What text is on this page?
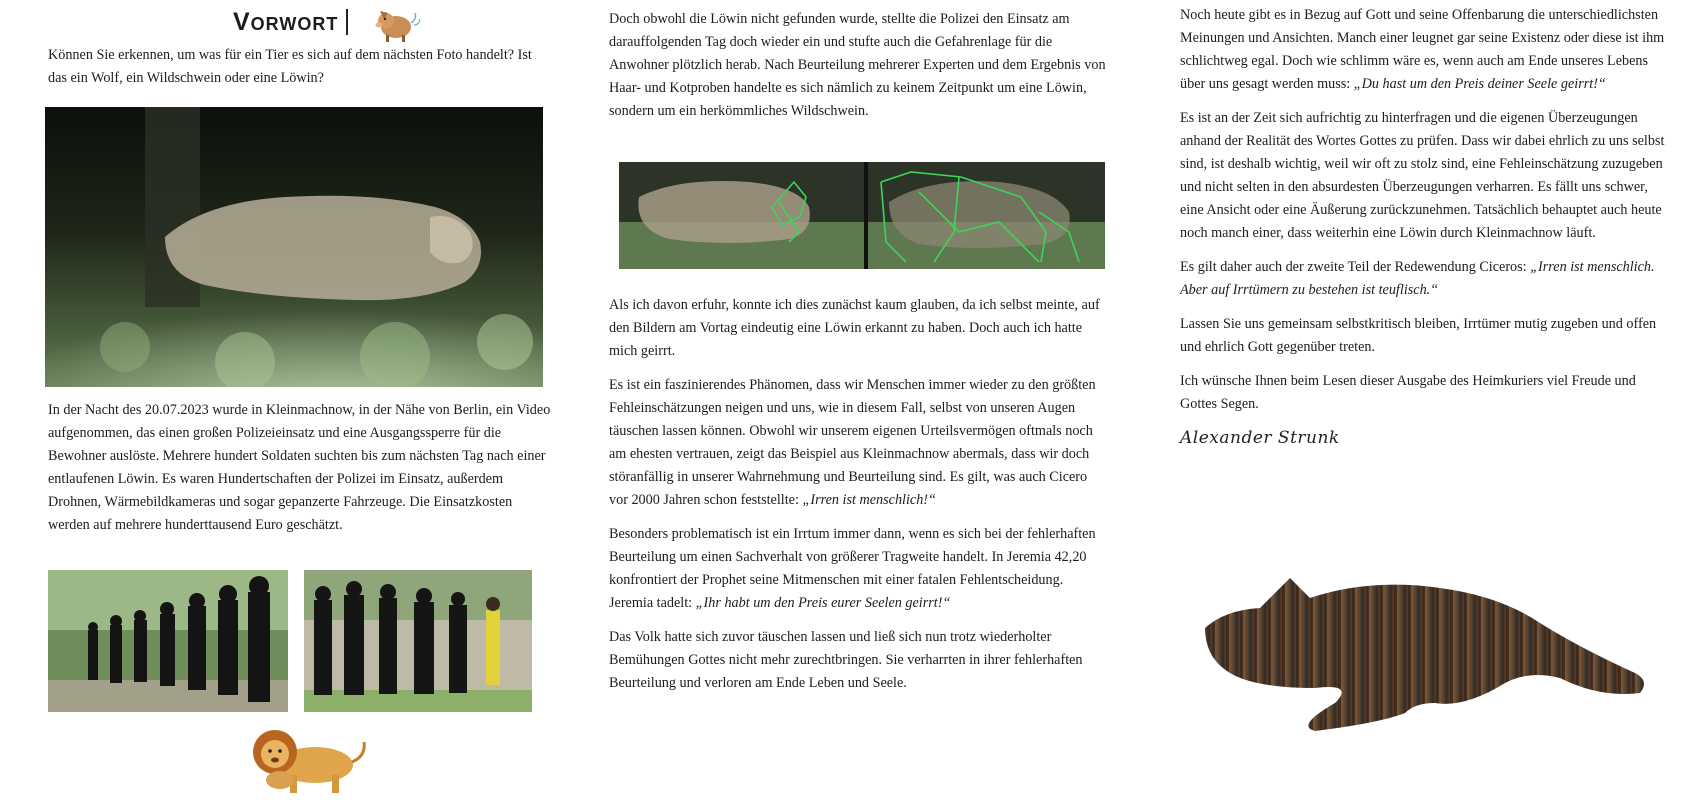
Vorwort

Können Sie erkennen, um was für ein Tier es sich auf dem nächsten Foto handelt? Ist das ein Wolf, ein Wildschwein oder eine Löwin?

In der Nacht des 20.07.2023 wurde in Kleinmachnow, in der Nähe von Berlin, ein Video aufgenommen, das einen großen Polizeieinsatz und eine Ausgangssperre für die Bewohner auslöste. Mehrere hundert Soldaten suchten bis zum nächsten Tag nach einer entlaufenen Löwin. Es waren Hundertschaften der Polizei im Einsatz, außerdem Drohnen, Wärmebildkameras und sogar gepanzerte Fahrzeuge. Die Einsatzkosten werden auf mehrere hunderttausend Euro geschätzt.

Doch obwohl die Löwin nicht gefunden wurde, stellte die Polizei den Einsatz am darauffolgenden Tag doch wieder ein und stufte auch die Gefahrenlage für die Anwohner plötzlich herab. Nach Beurteilung mehrerer Experten und dem Ergebnis von Haar- und Kotproben handelte es sich nämlich zu keinem Zeitpunkt um eine Löwin, sondern um ein herkömmliches Wildschwein.

Als ich davon erfuhr, konnte ich dies zunächst kaum glauben, da ich selbst meinte, auf den Bildern am Vortag eindeutig eine Löwin erkannt zu haben. Doch auch ich hatte mich geirrt.

Es ist ein faszinierendes Phänomen, dass wir Menschen immer wieder zu den größten Fehleinschätzungen neigen und uns, wie in diesem Fall, selbst von unseren Augen täuschen lassen können. Obwohl wir unserem eigenen Urteilsvermögen oftmals noch am ehesten vertrauen, zeigt das Beispiel aus Kleinmachnow abermals, dass wir doch störanfällig in unserer Wahrnehmung und Beurteilung sind. Es gilt, was auch Cicero vor 2000 Jahren schon feststellte: „Irren ist menschlich!“

Besonders problematisch ist ein Irrtum immer dann, wenn es sich bei der fehlerhaften Beurteilung um einen Sachverhalt von größerer Tragweite handelt. In Jeremia 42,20 konfrontiert der Prophet seine Mitmenschen mit einer fatalen Fehlentscheidung. Jeremia tadelt: „Ihr habt um den Preis eurer Seelen geirrt!“

Das Volk hatte sich zuvor täuschen lassen und ließ sich nun trotz wiederholter Bemühungen Gottes nicht mehr zurechtbringen. Sie verharrten in ihrer fehlerhaften Beurteilung und verloren am Ende Leben und Seele.

Noch heute gibt es in Bezug auf Gott und seine Offenbarung die unterschiedlichsten Meinungen und Ansichten. Manch einer leugnet gar seine Existenz oder diese ist ihm schlichtweg egal. Doch wie schlimm wäre es, wenn auch am Ende unseres Lebens über uns gesagt werden muss: „Du hast um den Preis deiner Seele geirrt!“

Es ist an der Zeit sich aufrichtig zu hinterfragen und die eigenen Überzeugungen anhand der Realität des Wortes Gottes zu prüfen. Dass wir dabei ehrlich zu uns selbst sind, ist deshalb wichtig, weil wir oft zu stolz sind, eine Fehleinschätzung zuzugeben und nicht selten in den absurdesten Überzeugungen verharren. Es fällt uns schwer, eine Ansicht oder eine Äußerung zurückzunehmen. Tatsächlich behauptet auch heute noch manch einer, dass weiterhin eine Löwin durch Kleinmachnow läuft.

Es gilt daher auch der zweite Teil der Redewendung Ciceros: „Irren ist menschlich. Aber auf Irrtümern zu bestehen ist teuflisch.“

Lassen Sie uns gemeinsam selbstkritisch bleiben, Irrtümer mutig zugeben und offen und ehrlich Gott gegenüber treten.

Ich wünsche Ihnen beim Lesen dieser Ausgabe des Heimkuriers viel Freude und Gottes Segen.

Alexander Strunk
